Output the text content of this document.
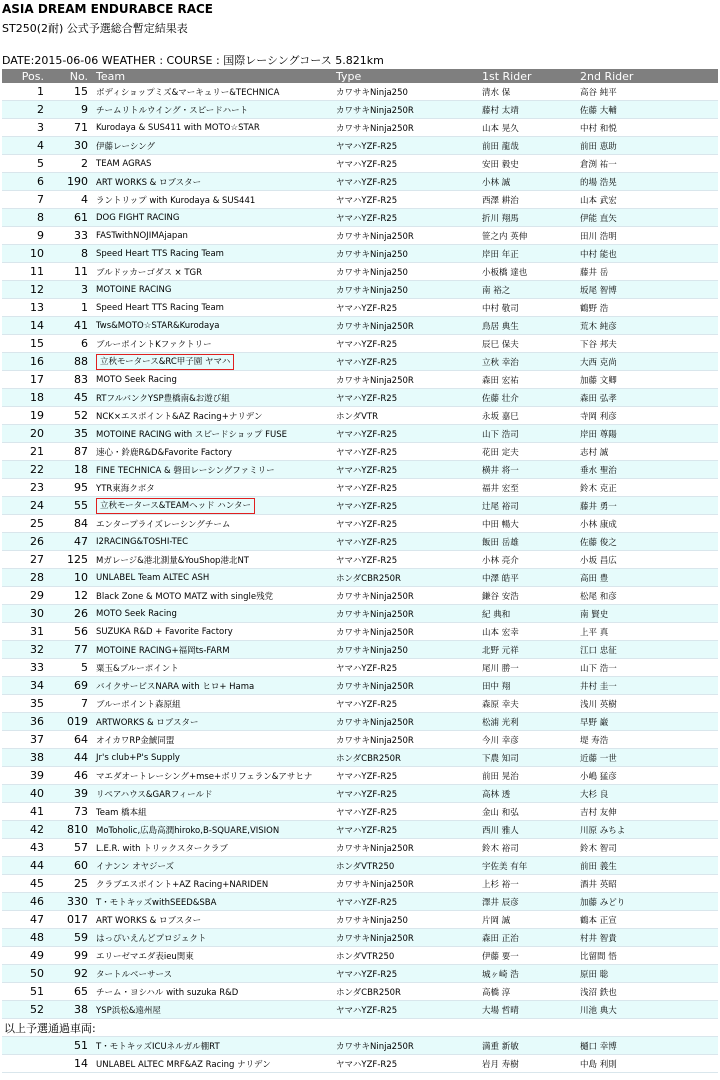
ASIA DREAM ENDURABCE RACE
ST250(2耐) 公式予選総合暫定結果表
DATE:2015-06-06 WEATHER : COURSE : 国際レーシングコース 5.821km
Pos.	No.	Team	Type	1st Rider	2nd Rider
1	15	ボディショップミズ&マーキュリー&TECHNICA	カワサキNinja250	清水 保	高谷 純平
2	9	チームリトルウイング・スピードハート	カワサキNinja250R	藤村 太靖	佐藤 大輔
3	71	Kurodaya & SUS411 with MOTO☆STAR	カワサキNinja250R	山本 晃久	中村 和悦
4	30	伊藤レーシング	ヤマハYZF-R25	前田 龍哉	前田 恵助
5	2	TEAM AGRAS	ヤマハYZF-R25	安田 毅史	倉渕 祐一
6	190	ART WORKS & ロブスター	ヤマハYZF-R25	小林 誠	的場 浩晃
7	4	ラントリップ with Kurodaya & SUS441	ヤマハYZF-R25	西澤 耕治	山本 武宏
8	61	DOG FIGHT RACING	ヤマハYZF-R25	折川 翔馬	伊能 直矢
9	33	FASTwithNOJIMAjapan	カワサキNinja250R	笹之内 英伸	田川 浩明
10	8	Speed Heart TTS Racing Team	カワサキNinja250	岸田 年正	中村 能也
11	11	ブルドッカーゴダス × TGR	カワサキNinja250	小板橋 達也	藤井 岳
12	3	MOTOINE RACING	カワサキNinja250	南 裕之	坂尾 智博
13	1	Speed Heart TTS Racing Team	ヤマハYZF-R25	中村 敬司	鶴野 浩
14	41	Tws&MOTO☆STAR&Kurodaya	カワサキNinja250R	鳥居 典生	荒木 純彦
15	6	ブルーポイントKファクトリー	ヤマハYZF-R25	辰巳 保夫	下谷 邦夫
16	88	立秋モータース&RC甲子園 ヤマハ	ヤマハYZF-R25	立秋 幸治	大西 克尚
17	83	MOTO Seek Racing	カワサキNinja250R	森田 宏祐	加藤 文卿
18	45	RTフルバンクYSP豊橋南&お遊び組	ヤマハYZF-R25	佐藤 壮介	森田 弘孝
19	52	NCK×エスポイント&AZ Racing+ナリデン	ホンダVTR	永坂 嘉巳	寺岡 利彦
20	35	MOTOINE RACING with スピードショップ FUSE	ヤマハYZF-R25	山下 浩司	岸田 尊陽
21	87	速心・鈴鹿R&D&Favorite Factory	ヤマハYZF-R25	花田 定夫	志村 誠
22	18	FINE TECHNICA & 磐田レーシングファミリー	ヤマハYZF-R25	横井 将一	垂水 聖治
23	95	YTR東海クボタ	ヤマハYZF-R25	福井 宏至	鈴木 克正
24	55	立秋モータース&TEAMヘッド ハンター	ヤマハYZF-R25	辻尾 裕司	藤井 勇一
25	84	エンタープライズレーシングチーム	ヤマハYZF-R25	中田 暢大	小林 康成
26	47	I2RACING&TOSHI-TEC	ヤマハYZF-R25	飯田 岳雄	佐藤 俊之
27	125	Mガレージ&港北測量&YouShop港北NT	ヤマハYZF-R25	小林 亮介	小坂 昌広
28	10	UNLABEL Team ALTEC ASH	ホンダCBR250R	中澤 皓平	高田 豊
29	12	Black Zone & MOTO MATZ with single残党	カワサキNinja250R	鎌谷 安浩	松尾 和彦
30	26	MOTO Seek Racing	カワサキNinja250R	紀 典和	南 賢史
31	56	SUZUKA R&D + Favorite Factory	カワサキNinja250R	山本 宏幸	上平 真
32	77	MOTOINE RACING+福岡ts-FARM	カワサキNinja250	北野 元祥	江口 忠征
33	5	粟玉&ブルーポイント	ヤマハYZF-R25	尾川 勝一	山下 浩一
34	69	バイクサービスNARA with ヒロ+ Hama	カワサキNinja250R	田中 翔	井村 圭一
35	7	ブルーポイント森原組	ヤマハYZF-R25	森原 幸夫	浅川 英樹
36	019	ARTWORKS & ロブスター	カワサキNinja250R	松浦 光利	早野 巌
37	64	オイカワRP金鯱同盟	カワサキNinja250R	今川 幸彦	堤 寿浩
38	44	Jr's club+P's Supply	ホンダCBR250R	下農 知司	近藤 一世
39	46	マエダオートレーシング+mse+ボリフェラン&アサヒナ	ヤマハYZF-R25	前田 晃治	小嶋 猛彦
40	39	リペアハウス&GARフィールド	ヤマハYZF-R25	高林 透	大杉 良
41	73	Team 橋本組	ヤマハYZF-R25	金山 和弘	吉村 友伸
42	810	MoToholic,広島高潤hiroko,B-SQUARE,VISION	ヤマハYZF-R25	西川 雅人	川原 みちよ
43	57	L.E.R. with トリックスタークラブ	カワサキNinja250R	鈴木 裕司	鈴木 智司
44	60	イナンン オヤジーズ	ホンダVTR250	宇佐美 有年	前田 義生
45	25	クラブエスポイント+AZ Racing+NARIDEN	カワサキNinja250R	上杉 裕一	酒井 英昭
46	330	T・モトキッズwithSEED&SBA	ヤマハYZF-R25	澤井 辰彦	加藤 みどり
47	017	ART WORKS & ロブスター	カワサキNinja250	片岡 誠	鶴本 正宣
48	59	はっぴいえんどプロジェクト	カワサキNinja250R	森田 正治	村井 智貴
49	99	エリーゼマエダ表ieu関東	ホンダVTR250	伊藤 要一	比留間 悟
50	92	タートルベーサース	ヤマハYZF-R25	城ヶ崎 浩	原田 聡
51	65	チーム・ヨシハル with suzuka R&D	ホンダCBR250R	高橋 淳	浅沼 鉄也
52	38	YSP浜松&遠州屋	ヤマハYZF-R25	大場 哲晴	川池 典大
以上予選通過車両:					
	51	T・モトキッズICUネルガル棚RT	カワサキNinja250R	満重 新敏	樋口 幸博
	14	UNLABEL ALTEC MRF&AZ Racing ナリデン	ヤマハYZF-R25	岩月 寿樹	中島 利則
